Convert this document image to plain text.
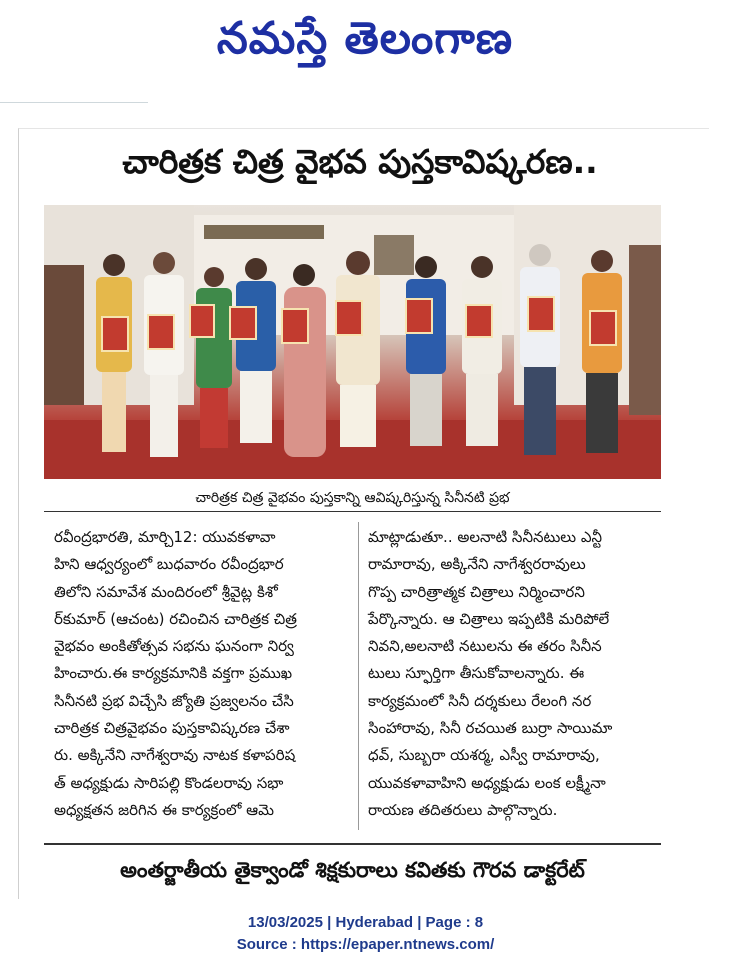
నమస్తే తెలంగాణ
చారిత్రక చిత్ర వైభవ పుస్తకావిష్కరణ..
చారిత్రక చిత్ర వైభవం పుస్తకాన్ని ఆవిష్కరిస్తున్న సినీనటి ప్రభ
రవీంద్రభారతి, మార్చి12: యువకళావా
హిని ఆధ్వర్యంలో బుధవారం రవీంద్రభార
తిలోని సమావేశ మందిరంలో శ్రీవైట్ల కిశో
ర్‌కుమార్ (ఆచంట) రచించిన చారిత్రక చిత్ర
వైభవం అంకితోత్సవ సభను ఘనంగా నిర్వ
హించారు.ఈ కార్యక్రమానికి వక్తగా ప్రముఖ
సినీనటి ప్రభ విచ్చేసి జ్యోతి ప్రజ్వలనం చేసి
చారిత్రక చిత్రవైభవం పుస్తకావిష్కరణ చేశా
రు. అక్కినేని నాగేశ్వరావు నాటక కళాపరిష
త్ అధ్యక్షుడు సారిపల్లి కొండలరావు సభా
అధ్యక్షతన జరిగిన ఈ కార్యక్రంలో ఆమె
మాట్లాడుతూ.. అలనాటి సినీనటులు ఎన్టీ
రామారావు, అక్కినేని నాగేశ్వరరావులు
గొప్ప చారిత్రాత్మక చిత్రాలు నిర్మించారని
పేర్కొన్నారు. ఆ చిత్రాలు ఇప్పటికి మరిపోలే
నివని,అలనాటి నటులను ఈ తరం సినీన
టులు స్ఫూర్తిగా తీసుకోవాలన్నారు. ఈ
కార్యక్రమంలో సినీ దర్శకులు రేలంగి నర
సింహారావు, సినీ రచయిత బుర్రా సాయిమా
ధవ్, సుబ్బరా యశర్మ, ఎస్వీ రామారావు,
యువకళావాహిని అధ్యక్షుడు లంక లక్ష్మీనా
రాయణ తదితరులు పాల్గొన్నారు.
అంతర్జాతీయ తైక్వాండో శిక్షకురాలు కవితకు గౌరవ డాక్టరేట్
13/03/2025 | Hyderabad | Page : 8
Source : https://epaper.ntnews.com/
